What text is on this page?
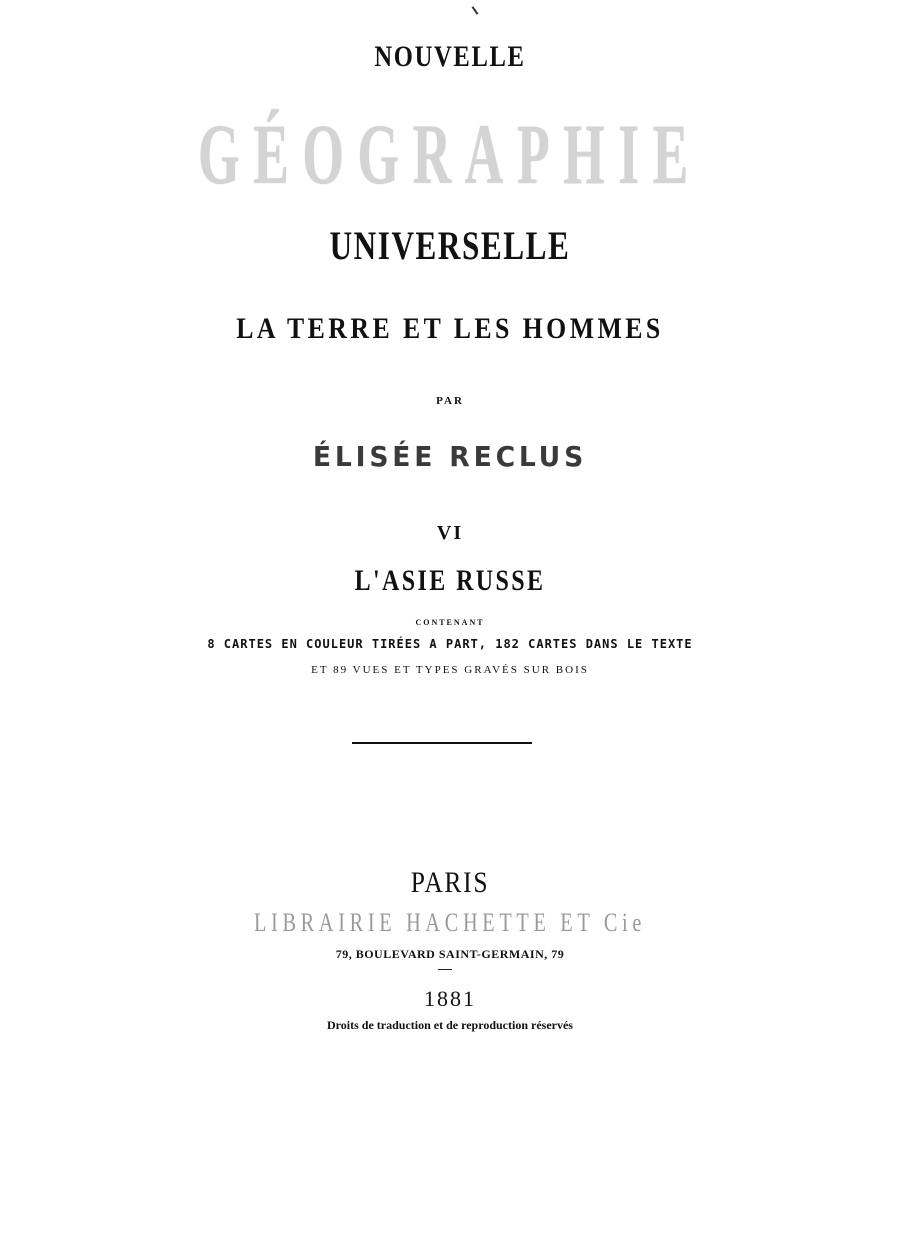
NOUVELLE
GÉOGRAPHIE
UNIVERSELLE
LA TERRE ET LES HOMMES
PAR
ÉLISÉE RECLUS
VI
L'ASIE RUSSE
CONTENANT
8 CARTES EN COULEUR TIRÉES A PART, 182 CARTES DANS LE TEXTE
ET 89 VUES ET TYPES GRAVÉS SUR BOIS
PARIS
LIBRAIRIE HACHETTE ET Cie
79, BOULEVARD SAINT-GERMAIN, 79
1881
Droits de traduction et de reproduction réservés
